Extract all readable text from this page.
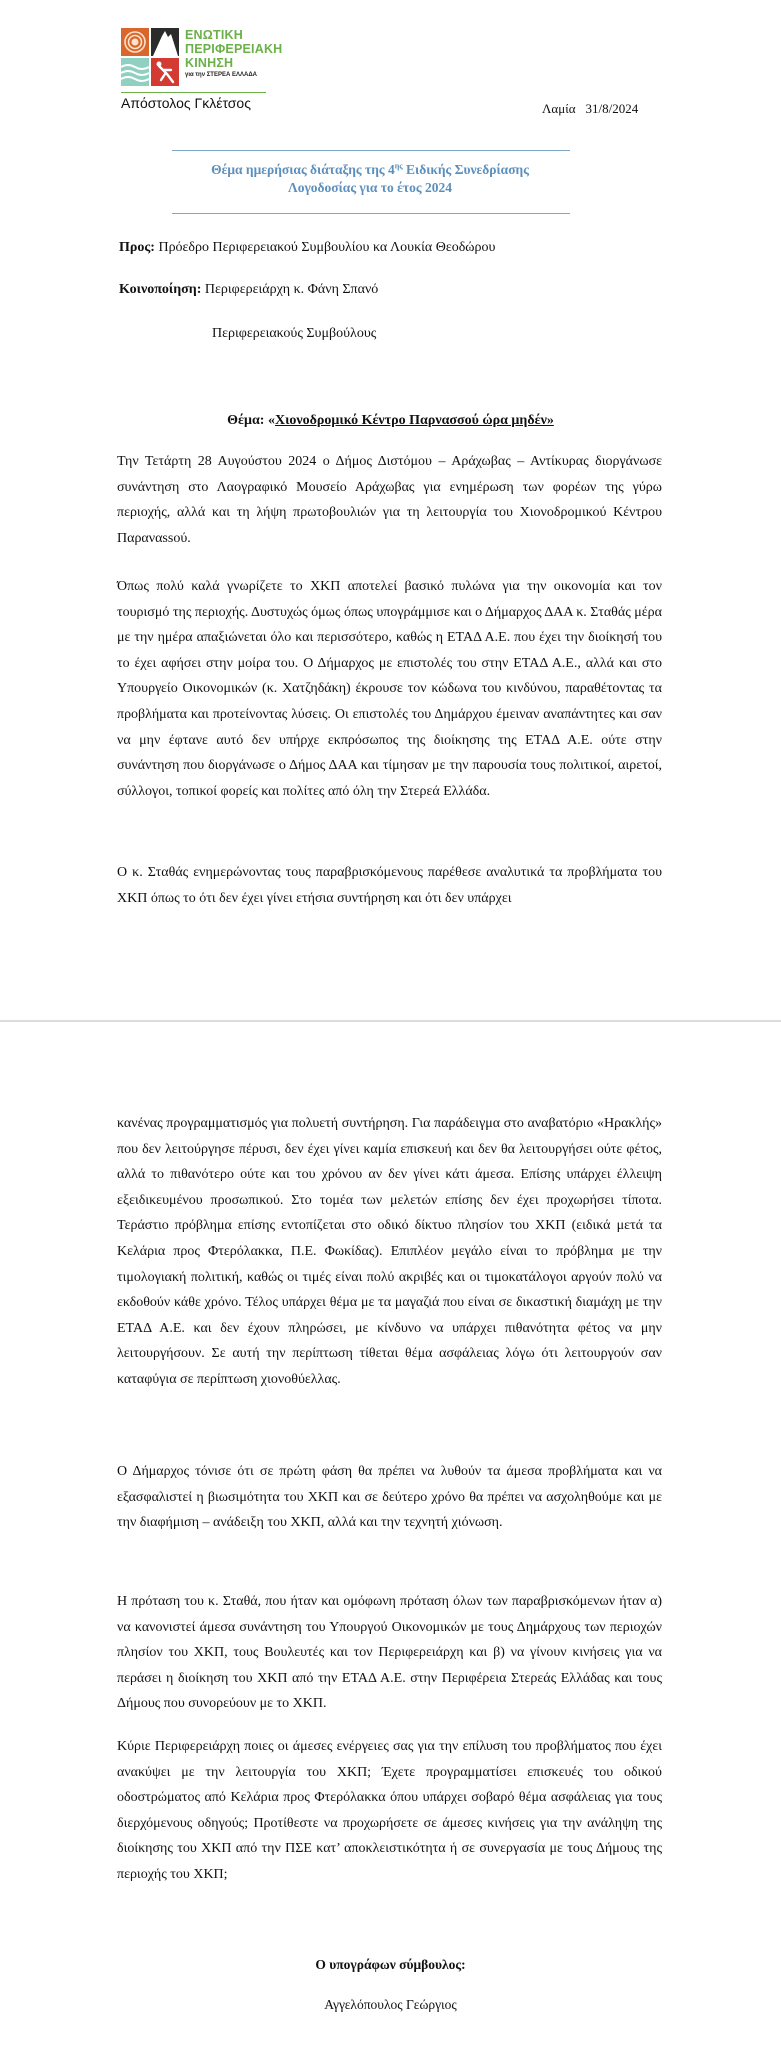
ΕΝΩΤΙΚΗ
ΠΕΡΙΦΕΡΕΙΑΚΗ
ΚΙΝΗΣΗ
για την ΣΤΕΡΕΑ ΕΛΛΑΔΑ
Απόστολος Γκλέτσος	Λαμία 31/8/2024
Θέμα ημερήσιας διάταξης της $4^{\eta\varsigma}$ Ειδικής Συνεδρίασης
Λογοδοσίας για το έτος 2024
Προς: Πρόεδρο Περιφερειακού Συμβουλίου κα Λουκία Θεοδώρου
Κοινοποίηση: Περιφερειάρχη κ. Φάνη Σπανό
Περιφερειακούς Συμβούλους
Θέμα: «Χιονοδρομικό Κέντρο Παρνασσού ώρα μηδέν»

Την Τετάρτη 28 Αυγούστου 2024 ο Δήμος Διστόμου – Αράχωβας – Αντίκυρας διοργάνωσε συνάντηση στο Λαογραφικό Μουσείο Αράχωβας για ενημέρωση των φορέων της γύρω περιοχής, αλλά και τη λήψη πρωτοβουλιών για τη λειτουργία του Χιονοδρομικού Κέντρου Παραναssού.

Όπως πολύ καλά γνωρίζετε το ΧΚΠ αποτελεί βασικό πυλώνα για την οικονομία και τον τουρισμό της περιοχής. Δυστυχώς όμως όπως υπογράμμισε και ο Δήμαρχος ΔΑΑ κ. Σταθάς μέρα με την ημέρα απαξιώνεται όλο και περισσότερο, καθώς η ΕΤΑΔ Α.Ε. που έχει την διοίκησή του το έχει αφήσει στην μοίρα του. Ο Δήμαρχος με επιστολές του στην ΕΤΑΔ Α.Ε., αλλά και στο Υπουργείο Οικονομικών (κ. Χατζηδάκη) έκρουσε τον κώδωνα του κινδύνου, παραθέτοντας τα προβλήματα και προτείνοντας λύσεις. Οι επιστολές του Δημάρχου έμειναν αναπάντητες και σαν να μην έφτανε αυτό δεν υπήρχε εκπρόσωπος της διοίκησης της ΕΤΑΔ Α.Ε. ούτε στην συνάντηση που διοργάνωσε ο Δήμος ΔΑΑ και τίμησαν με την παρουσία τους πολιτικοί, αιρετοί, σύλλογοι, τοπικοί φορείς και πολίτες από όλη την Στερεά Ελλάδα.

Ο κ. Σταθάς ενημερώνοντας τους παραβρισκόμενους παρέθεσε αναλυτικά τα προβλήματα του ΧΚΠ όπως το ότι δεν έχει γίνει ετήσια συντήρηση και ότι δεν υπάρχει

κανένας προγραμματισμός για πολυετή συντήρηση. Για παράδειγμα στο αναβατόριο «Ηρακλής» που δεν λειτούργησε πέρυσι, δεν έχει γίνει καμία επισκευή και δεν θα λειτουργήσει ούτε φέτος, αλλά το πιθανότερο ούτε και του χρόνου αν δεν γίνει κάτι άμεσα. Επίσης υπάρχει έλλειψη εξειδικευμένου προσωπικού. Στο τομέα των μελετών επίσης δεν έχει προχωρήσει τίποτα. Τεράστιο πρόβλημα επίσης εντοπίζεται στο οδικό δίκτυο πλησίον του ΧΚΠ (ειδικά μετά τα Κελάρια προς Φτερόλακκα, Π.Ε. Φωκίδας). Επιπλέον μεγάλο είναι το πρόβλημα με την τιμολογιακή πολιτική, καθώς οι τιμές είναι πολύ ακριβές και οι τιμοκατάλογοι αργούν πολύ να εκδοθούν κάθε χρόνο. Τέλος υπάρχει θέμα με τα μαγαζιά που είναι σε δικαστική διαμάχη με την ΕΤΑΔ Α.Ε. και δεν έχουν πληρώσει, με κίνδυνο να υπάρχει πιθανότητα φέτος να μην λειτουργήσουν. Σε αυτή την περίπτωση τίθεται θέμα ασφάλειας λόγω ότι λειτουργούν σαν καταφύγια σε περίπτωση χιονοθύελλας.

Ο Δήμαρχος τόνισε ότι σε πρώτη φάση θα πρέπει να λυθούν τα άμεσα προβλήματα και να εξασφαλιστεί η βιωσιμότητα του ΧΚΠ και σε δεύτερο χρόνο θα πρέπει να ασχοληθούμε και με την διαφήμιση – ανάδειξη του ΧΚΠ, αλλά και την τεχνητή χιόνωση.

Η πρόταση του κ. Σταθά, που ήταν και ομόφωνη πρόταση όλων των παραβρισκόμενων ήταν α) να κανονιστεί άμεσα συνάντηση του Υπουργού Οικονομικών με τους Δημάρχους των περιοχών πλησίον του ΧΚΠ, τους Βουλευτές και τον Περιφερειάρχη και β) να γίνουν κινήσεις για να περάσει η διοίκηση του ΧΚΠ από την ΕΤΑΔ Α.Ε. στην Περιφέρεια Στερεάς Ελλάδας και τους Δήμους που συνορεύουν με το ΧΚΠ.

Κύριε Περιφερειάρχη ποιες οι άμεσες ενέργειες σας για την επίλυση του προβλήματος που έχει ανακύψει με την λειτουργία του ΧΚΠ; Έχετε προγραμματίσει επισκευές του οδικού οδοστρώματος από Κελάρια προς Φτερόλακκα όπου υπάρχει σοβαρό θέμα ασφάλειας για τους διερχόμενους οδηγούς; Προτίθεστε να προχωρήσετε σε άμεσες κινήσεις για την ανάληψη της διοίκησης του ΧΚΠ από την ΠΣΕ κατ’ αποκλειστικότητα ή σε συνεργασία με τους Δήμους της περιοχής του ΧΚΠ;

Ο υπογράφων σύμβουλος:
Αγγελόπουλος Γεώργιος
